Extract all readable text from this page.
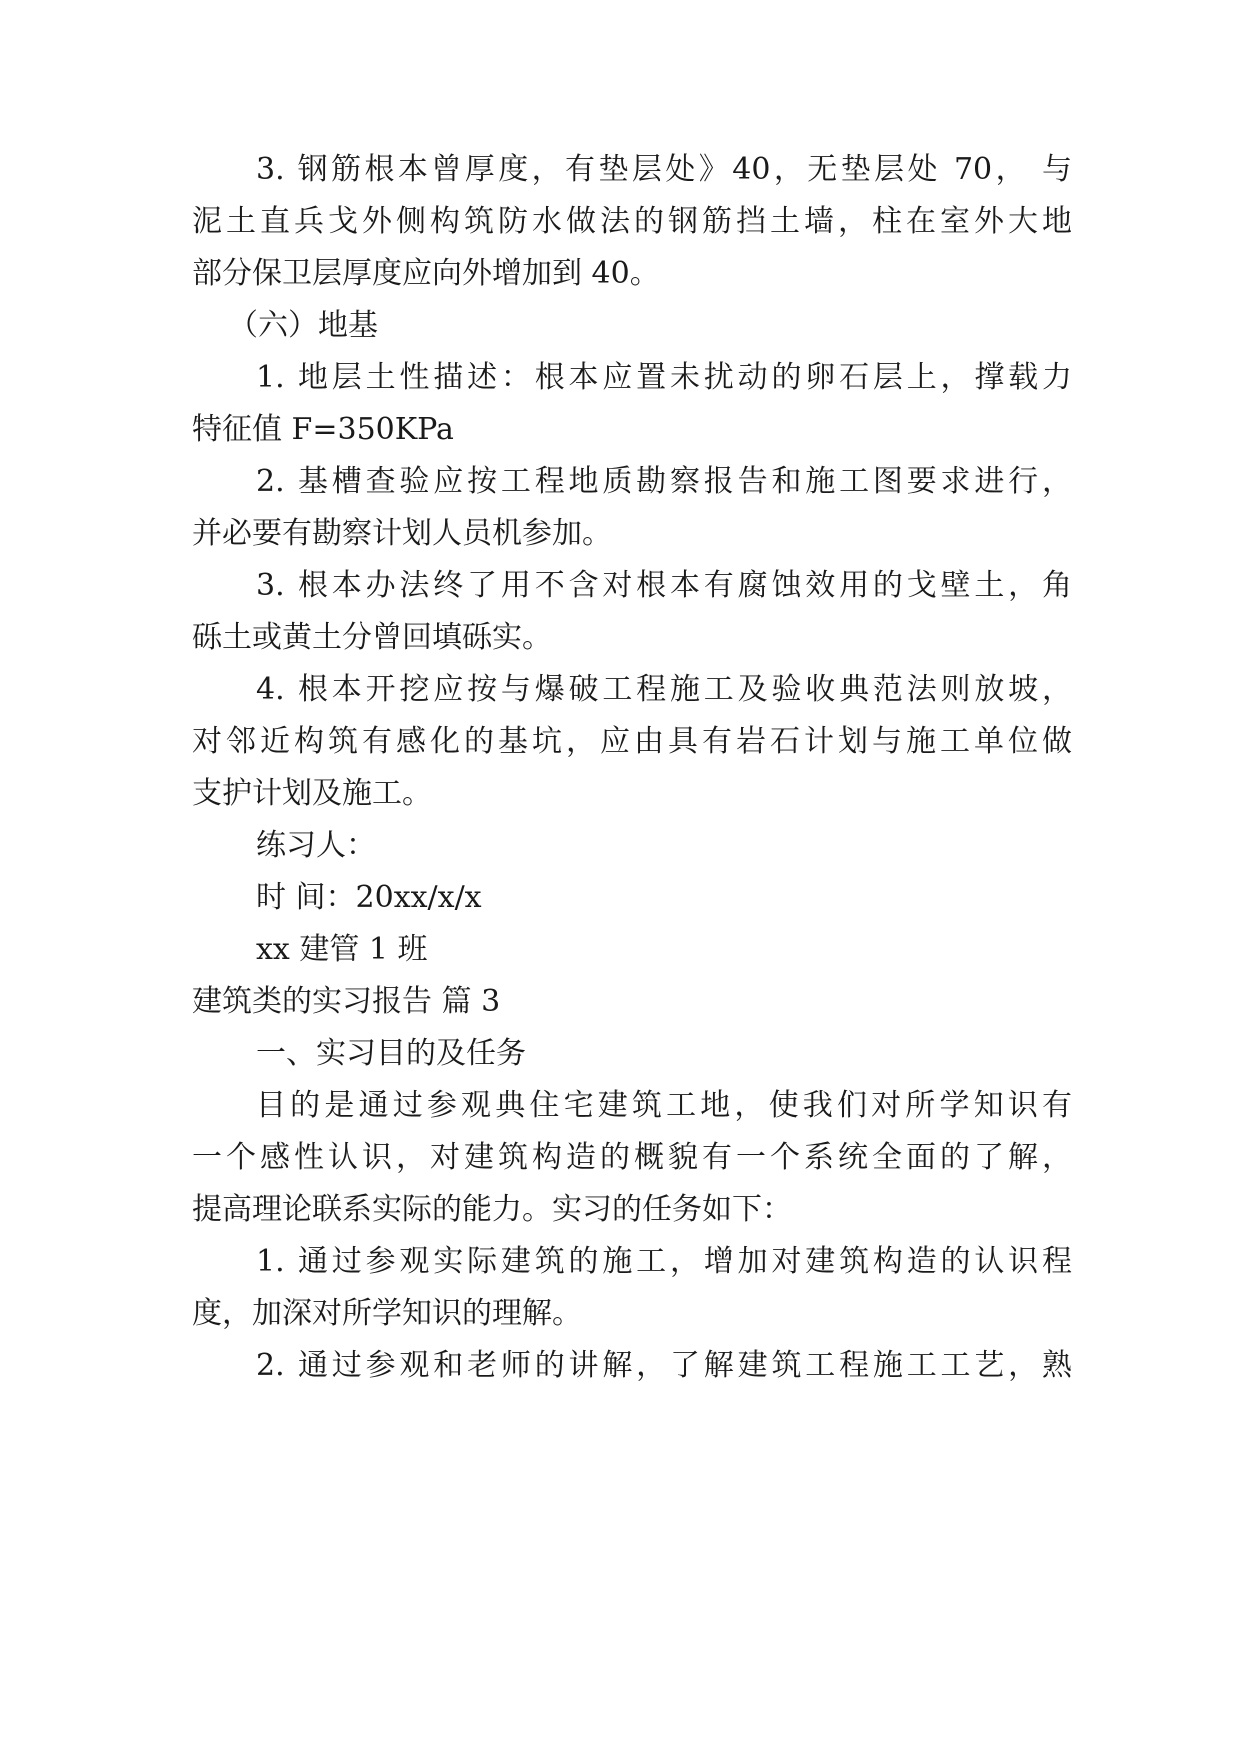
3. 钢筋根本曾厚度，有垫层处》40，无垫层处 70， 与
泥土直兵戈外侧构筑防水做法的钢筋挡土墙，柱在室外大地
部分保卫层厚度应向外增加到 40。
（六）地基
1. 地层土性描述：根本应置未扰动的卵石层上，撑载力
特征值 F=350KPa
2. 基槽查验应按工程地质勘察报告和施工图要求进行，
并必要有勘察计划人员机参加。
3. 根本办法终了用不含对根本有腐蚀效用的戈壁土，角
砾土或黄土分曾回填砾实。
4. 根本开挖应按与爆破工程施工及验收典范法则放坡，
对邻近构筑有感化的基坑，应由具有岩石计划与施工单位做
支护计划及施工。
练习人：
时 间：20xx/x/x
xx 建管 1 班
建筑类的实习报告 篇 3
一、实习目的及任务
目的是通过参观典住宅建筑工地，使我们对所学知识有
一个感性认识，对建筑构造的概貌有一个系统全面的了解，
提高理论联系实际的能力。实习的任务如下：
1. 通过参观实际建筑的施工，增加对建筑构造的认识程
度，加深对所学知识的理解。
2. 通过参观和老师的讲解，了解建筑工程施工工艺，熟
